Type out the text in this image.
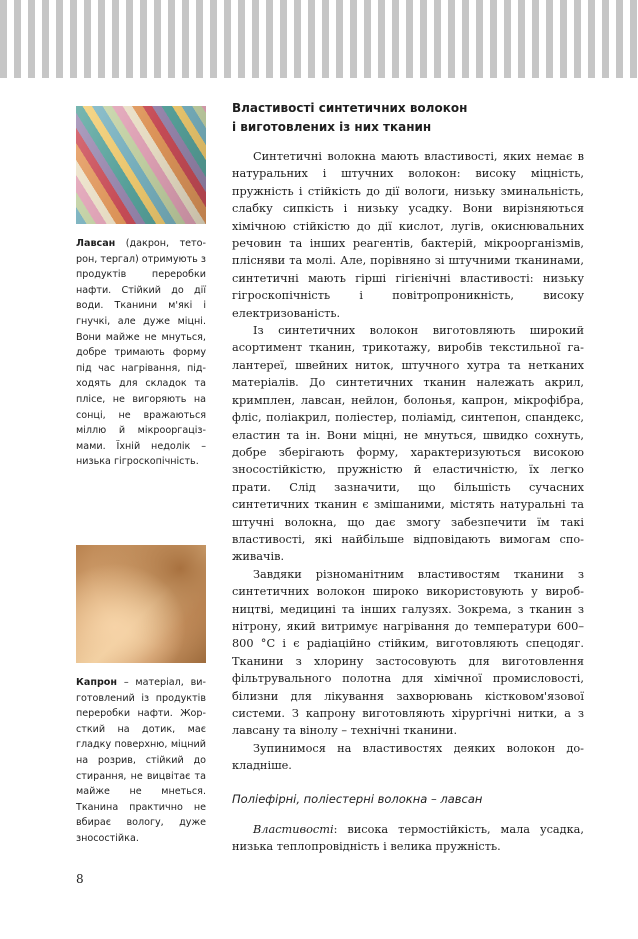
Лавсан (дакрон, теторон, тергал) отримують з продуктів переробки нафти. Стійкий до дії води. Тканини м'які і гнучкі, але дуже міцні. Вони майже не мнуться, добре тримають форму під час нагрівання, підходять для складок та плісе, не вигоряють на сонці, не вражаються міллю й мікрооргацізмами. Їхній недолік – низька гігроскопічність.
Капрон – матеріал, виготовлений із продуктів переробки нафти. Жорсткий на дотик, має гладку поверхню, міцний на розрив, стійкий до стирання, не вицвітає та майже не мнеться. Тканина практично не вбирає вологу, дуже зносостійка.
Властивості синтетичних волокон
і виготовлених із них тканин

Синтетичні волокна мають властивості, яких немає в натуральних і штучних волокон: високу міцність, пружність і стійкість до дії вологи, низьку зминальність, слабку сипкість і низьку усадку. Вони вирізняються хімічною стійкістю до дії кислот, лугів, окиснювальних речовин та інших реагентів, бактерій, мікроорганізмів, плісняви та молі. Але, порівняно зі штучними тканинами, синтетичні мають гірші гігієнічні властивості: низьку гігроскопічність і повітропроникність, високу електризованість.

Із синтетичних волокон виготовляють широкий асортимент тканин, трикотажу, виробів текстильної галантереї, швейних ниток, штучного хутра та нетканих матеріалів. До синтетичних тканин належать акрил, кримплен, лавсан, нейлон, болонья, капрон, мікрофібра, фліс, поліакрил, поліестер, поліамід, синтепон, спандекс, еластин та ін. Вони міцні, не мнуться, швидко сохнуть, добре зберігають форму, характеризуються високою зносостійкістю, пружністю й еластичністю, їх легко прати. Слід зазначити, що більшість сучасних синтетичних тканин є змішаними, містять натуральні та штучні волокна, що дає змогу забезпечити їм такі властивості, які найбільше відповідають вимогам споживачів.

Завдяки різноманітним властивостям тканини з синтетичних волокон широко використовують у виробництві, медицині та інших галузях. Зокрема, з тканин з нітрону, який витримує нагрівання до температури 600–800 °С і є радіаційно стійким, виготовляють спецодяг. Тканини з хлорину застосовують для виготовлення фільтрувального полотна для хімічної промисловості, білизни для лікування захворювань кістковом'язової системи. З капрону виготовляють хірургічні нитки, а з лавсану та вінолу – технічні тканини.

Зупинимося на властивостях деяких волокон докладніше.

Поліефірні, поліестерні волокна – лавсан

Властивості: висока термостійкість, мала усадка, низька теплопровідність і велика пружність.

8
